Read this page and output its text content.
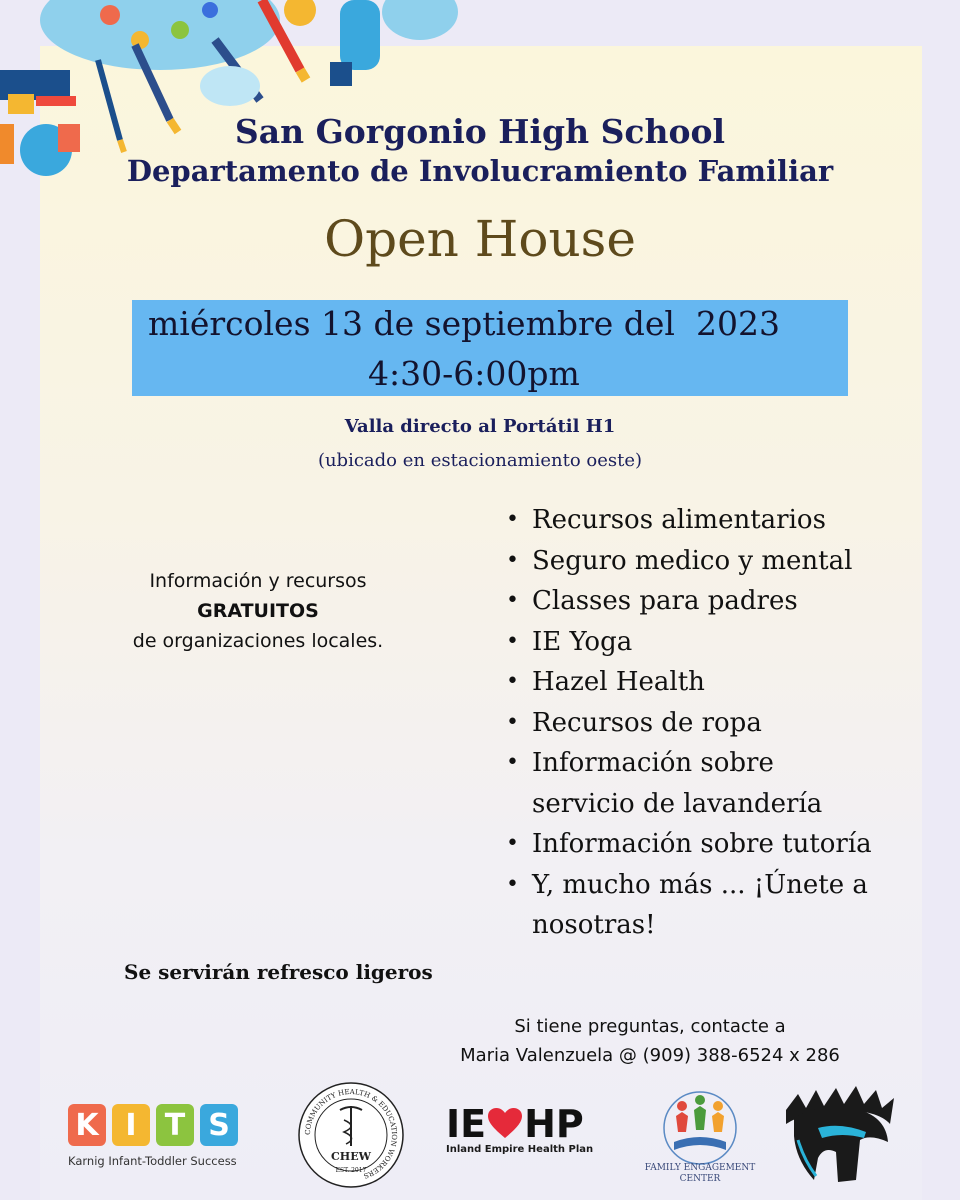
San Gorgonio High School
Departamento de Involucramiento Familiar
Open House
miércoles 13 de septiembre del  2023
4:30-6:00pm
Valla directo al Portátil H1
(ubicado en estacionamiento oeste)
Información y recursos
GRATUITOS
de organizaciones locales.
• Recursos alimentarios
• Seguro medico y mental
• Classes para padres
• IE Yoga
• Hazel Health
• Recursos de ropa
• Información sobre servicio de lavandería
• Información sobre tutoría
• Y, mucho más ... ¡Únete a nosotras!
Se servirán refresco ligeros
Si tiene preguntas, contacte a
Maria Valenzuela @ (909) 388-6524 x 286
K I T S
Karnig Infant-Toddler Success
COMMUNITY HEALTH & EDUCATION WORKERS
CHEW
EST. 2017
IE HP
Inland Empire Health Plan
FAMILY ENGAGEMENT
CENTER
